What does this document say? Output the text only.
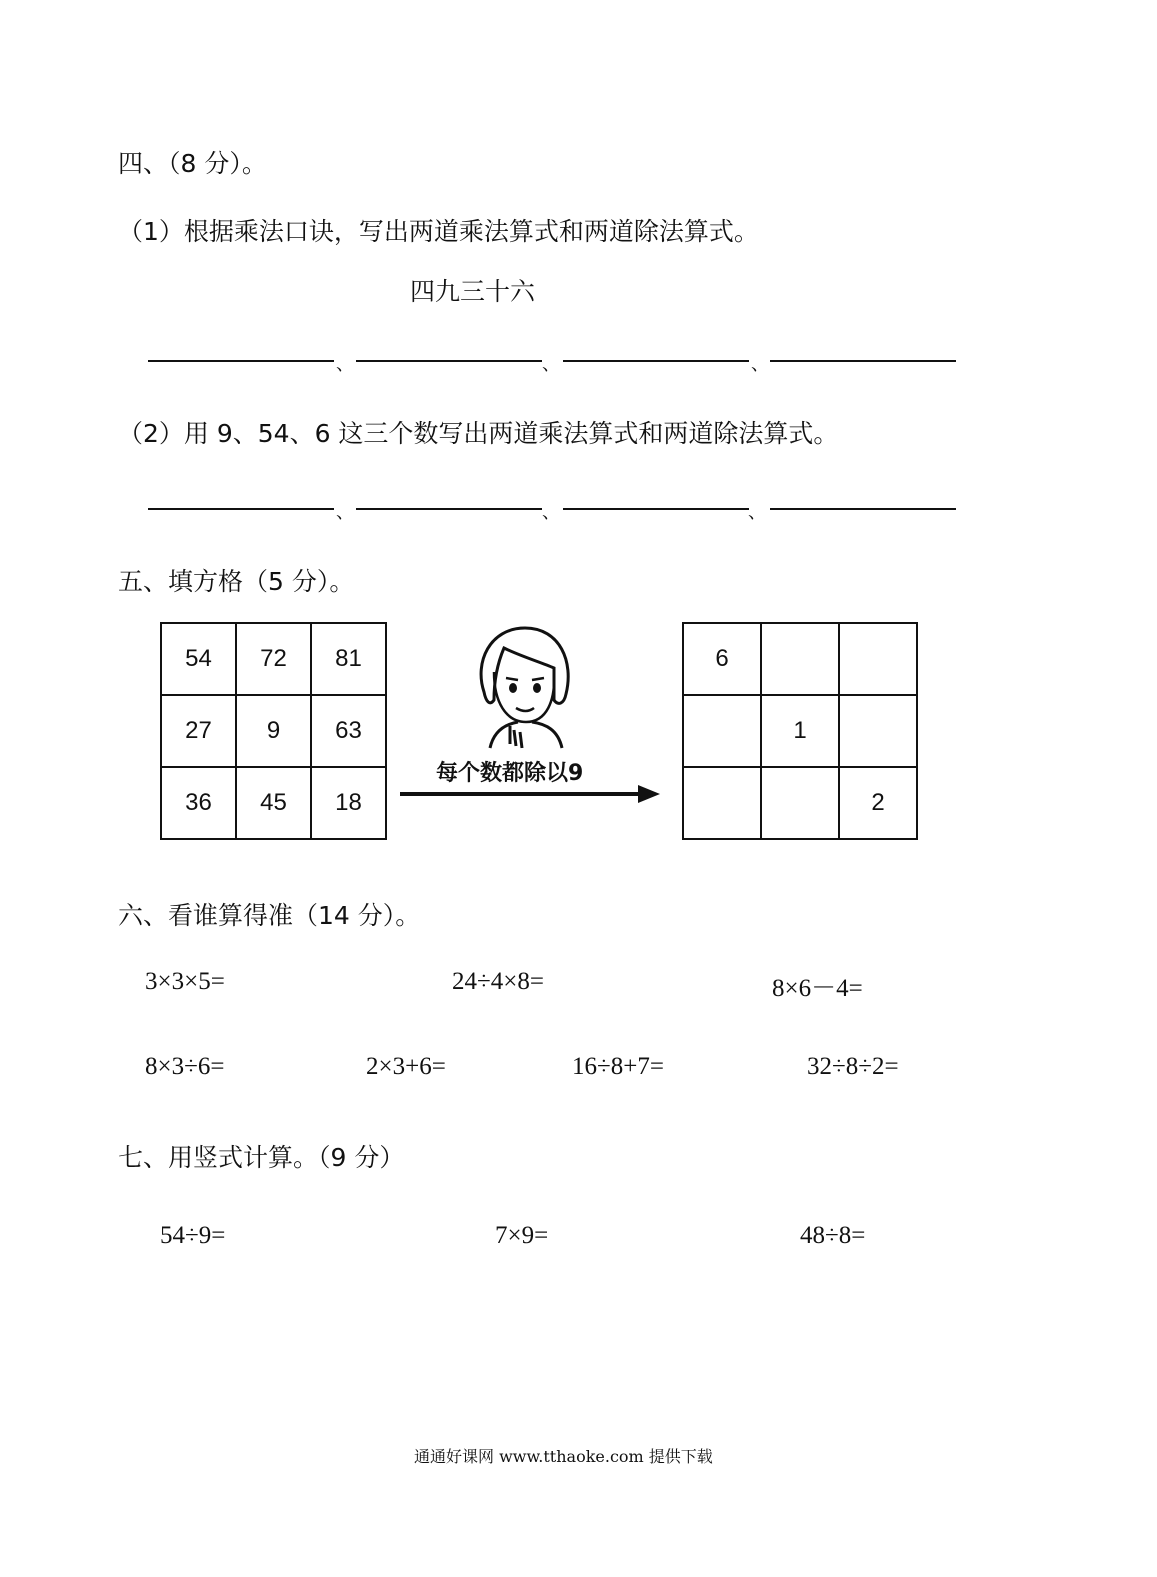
四、（8 分）。
（1）根据乘法口诀，写出两道乘法算式和两道除法算式。
四九三十六
、	、	、
（2）用 9、54、6 这三个数写出两道乘法算式和两道除法算式。
、	、	、
五、填方格（5 分）。
54	72	81
27	9	63
36	45	18
每个数都除以9
6		
	1	
		2
六、看谁算得准（14 分）。
3×3×5=	24÷4×8=	8×6－4=
8×3÷6=	2×3+6=	16÷8+7=	32÷8÷2=
七、用竖式计算。（9 分）
54÷9=	7×9=	48÷8=
通通好课网 www.tthaoke.com 提供下载
